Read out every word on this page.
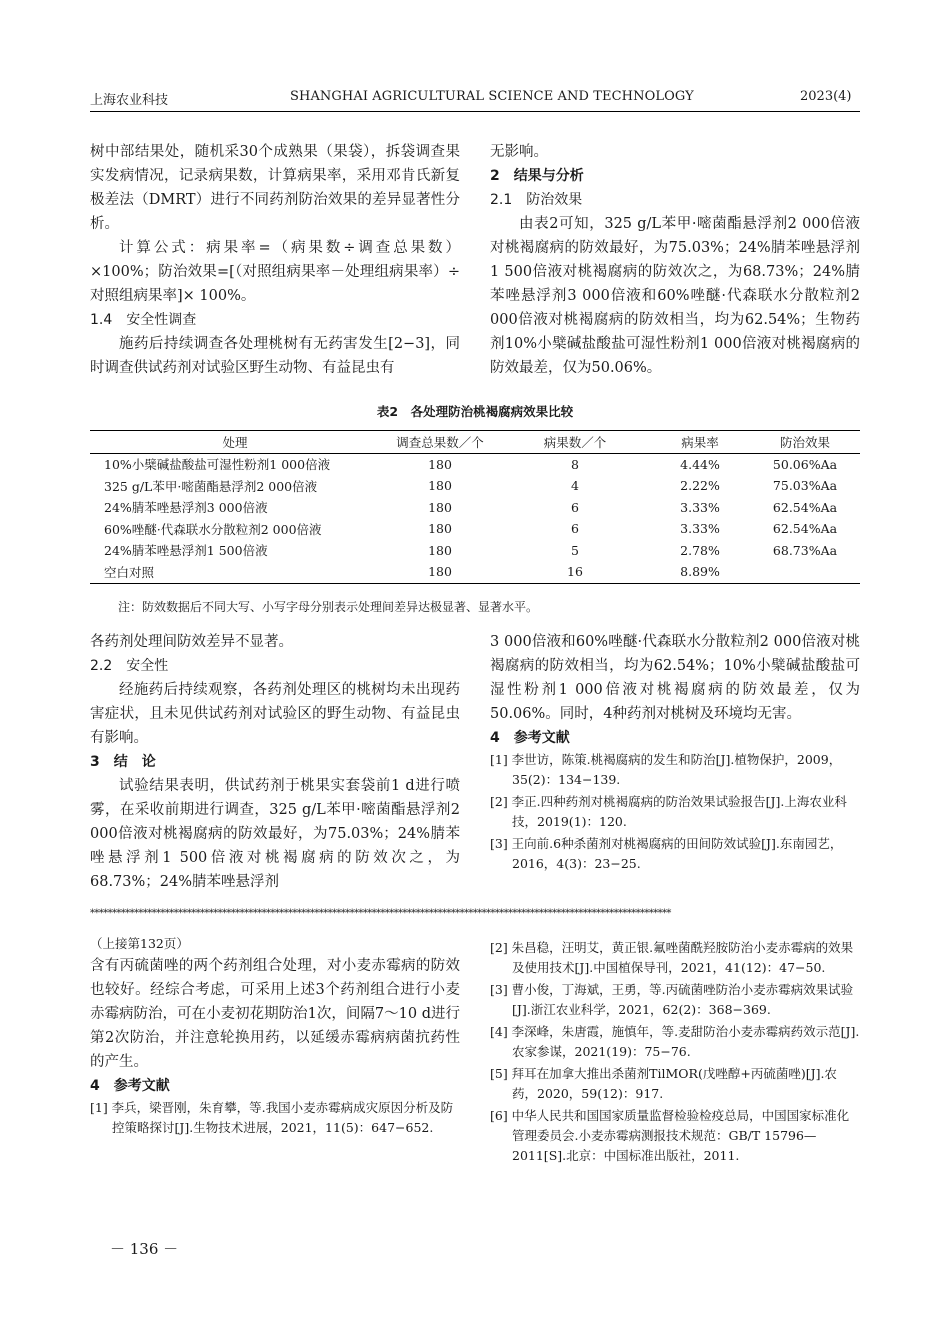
上海农业科技	SHANGHAI AGRICULTURAL SCIENCE AND TECHNOLOGY	2023(4)

树中部结果处，随机采30个成熟果（果袋），拆袋调查果实发病情况，记录病果数，计算病果率，采用邓肯氏新复极差法（DMRT）进行不同药剂防治效果的差异显著性分析。

计算公式：病果率=（病果数÷调查总果数）×100%；防治效果=[（对照组病果率－处理组病果率）÷对照组病果率]× 100%。

1.4　安全性调查

施药后持续调查各处理桃树有无药害发生[2−3]，同时调查供试药剂对试验区野生动物、有益昆虫有

无影响。

2　结果与分析

2.1　防治效果

由表2可知，325 g/L苯甲·嘧菌酯悬浮剂2 000倍液对桃褐腐病的防效最好，为75.03%；24%腈苯唑悬浮剂1 500倍液对桃褐腐病的防效次之，为68.73%；24%腈苯唑悬浮剂3 000倍液和60%唑醚·代森联水分散粒剂2 000倍液对桃褐腐病的防效相当，均为62.54%；生物药剂10%小檗碱盐酸盐可湿性粉剂1 000倍液对桃褐腐病的防效最差，仅为50.06%。

表2　各处理防治桃褐腐病效果比较
处理	调查总果数／个	病果数／个	病果率	防治效果
10%小檗碱盐酸盐可湿性粉剂1 000倍液	180	8	4.44%	50.06%Aa
325 g/L苯甲·嘧菌酯悬浮剂2 000倍液	180	4	2.22%	75.03%Aa
24%腈苯唑悬浮剂3 000倍液	180	6	3.33%	62.54%Aa
60%唑醚·代森联水分散粒剂2 000倍液	180	6	3.33%	62.54%Aa
24%腈苯唑悬浮剂1 500倍液	180	5	2.78%	68.73%Aa
空白对照	180	16	8.89%	
注：防效数据后不同大写、小写字母分别表示处理间差异达极显著、显著水平。

各药剂处理间防效差异不显著。

2.2　安全性

经施药后持续观察，各药剂处理区的桃树均未出现药害症状，且未见供试药剂对试验区的野生动物、有益昆虫有影响。

3　结　论

试验结果表明，供试药剂于桃果实套袋前1 d进行喷雾，在采收前期进行调查，325 g/L苯甲·嘧菌酯悬浮剂2 000倍液对桃褐腐病的防效最好，为75.03%；24%腈苯唑悬浮剂1 500倍液对桃褐腐病的防效次之，为68.73%；24%腈苯唑悬浮剂

3 000倍液和60%唑醚·代森联水分散粒剂2 000倍液对桃褐腐病的防效相当，均为62.54%；10%小檗碱盐酸盐可湿性粉剂1 000倍液对桃褐腐病的防效最差，仅为50.06%。同时，4种药剂对桃树及环境均无害。

4　参考文献

[1] 李世访，陈策.桃褐腐病的发生和防治[J].植物保护，2009，35(2)：134−139.

[2] 李正.四种药剂对桃褐腐病的防治效果试验报告[J].上海农业科技，2019(1)：120.

[3] 王向前.6种杀菌剂对桃褐腐病的田间防效试验[J].东南园艺，2016，4(3)：23−25.

************************************************************************************************************************************

（上接第132页）

含有丙硫菌唑的两个药剂组合处理，对小麦赤霉病的防效也较好。经综合考虑，可采用上述3个药剂组合进行小麦赤霉病防治，可在小麦初花期防治1次，间隔7～10 d进行第2次防治，并注意轮换用药，以延缓赤霉病病菌抗药性的产生。

4　参考文献

[1] 李兵，梁晋刚，朱育攀，等.我国小麦赤霉病成灾原因分析及防控策略探讨[J].生物技术进展，2021，11(5)：647−652.

[2] 朱昌稳，汪明艾，黄正银.氟唑菌酰羟胺防治小麦赤霉病的效果及使用技术[J].中国植保导刊，2021，41(12)：47−50.

[3] 曹小俊，丁海斌，王勇，等.丙硫菌唑防治小麦赤霉病效果试验[J].浙江农业科学，2021，62(2)：368−369.

[4] 李深峰，朱唐霞，施慎年，等.麦甜防治小麦赤霉病药效示范[J].农家参谋，2021(19)：75−76.

[5] 拜耳在加拿大推出杀菌剂TilMOR(戊唑醇+丙硫菌唑)[J].农药，2020，59(12)：917.

[6] 中华人民共和国国家质量监督检验检疫总局，中国国家标准化管理委员会.小麦赤霉病测报技术规范：GB/T 15796—2011[S].北京：中国标准出版社，2011.

－ 136 －
